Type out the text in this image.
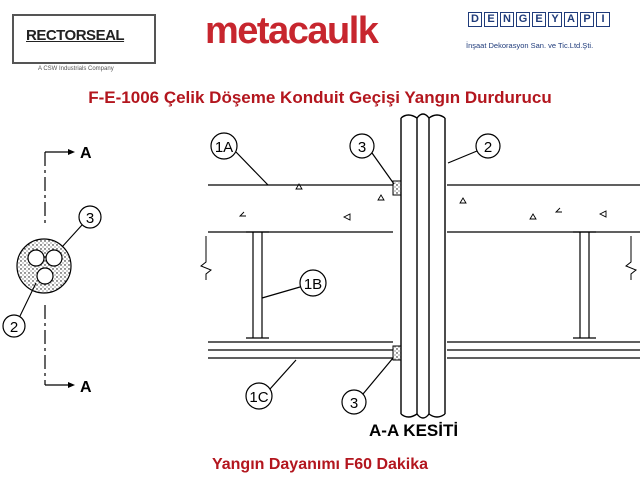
RECTORSEAL
A CSW Industrials Company
metacaulk	D E N G E Y A P I
İnşaat Dekorasyon San. ve Tic.Ltd.Şti.
F-E-1006 Çelik Döşeme Konduit Geçişi Yangın Durdurucu
A
A
3
2
1A	3	2
1B
1C	3
A-A KESİTİ
Yangın Dayanımı F60 Dakika
